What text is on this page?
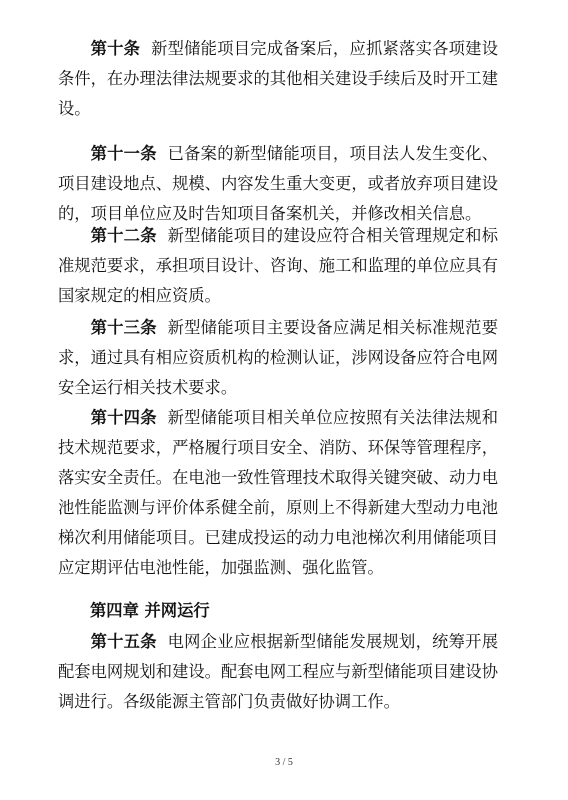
第十条 新型储能项目完成备案后，应抓紧落实各项建设条件，在办理法律法规要求的其他相关建设手续后及时开工建设。

第十一条 已备案的新型储能项目，项目法人发生变化、项目建设地点、规模、内容发生重大变更，或者放弃项目建设的，项目单位应及时告知项目备案机关，并修改相关信息。

第十二条 新型储能项目的建设应符合相关管理规定和标准规范要求，承担项目设计、咨询、施工和监理的单位应具有国家规定的相应资质。

第十三条 新型储能项目主要设备应满足相关标准规范要求，通过具有相应资质机构的检测认证，涉网设备应符合电网安全运行相关技术要求。

第十四条 新型储能项目相关单位应按照有关法律法规和技术规范要求，严格履行项目安全、消防、环保等管理程序，落实安全责任。在电池一致性管理技术取得关键突破、动力电池性能监测与评价体系健全前，原则上不得新建大型动力电池梯次利用储能项目。已建成投运的动力电池梯次利用储能项目应定期评估电池性能，加强监测、强化监管。

第四章 并网运行

第十五条 电网企业应根据新型储能发展规划，统筹开展配套电网规划和建设。配套电网工程应与新型储能项目建设协调进行。各级能源主管部门负责做好协调工作。

3 / 5
